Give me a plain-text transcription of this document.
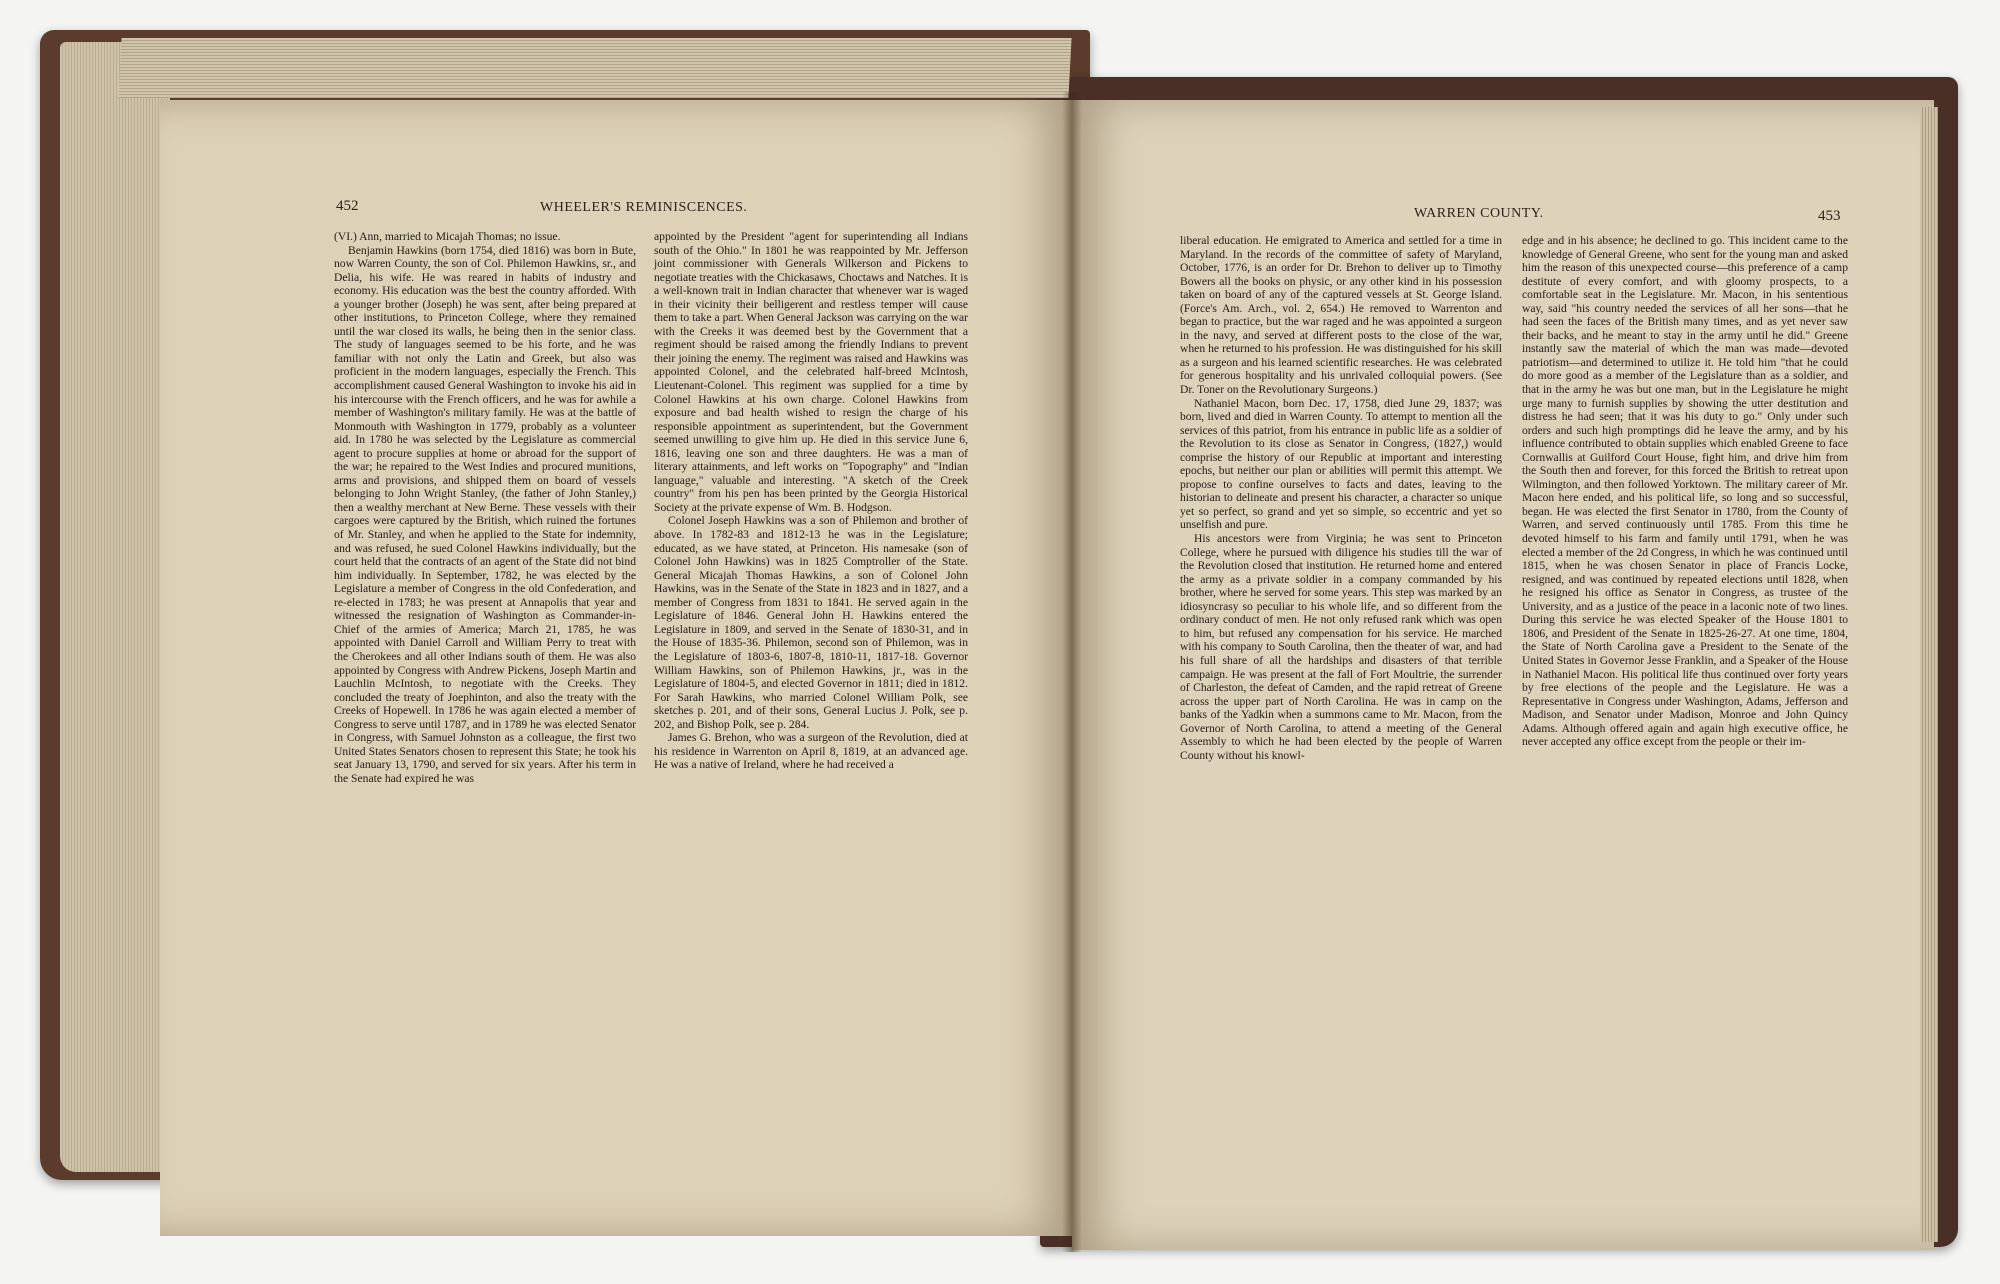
452	WHEELER'S REMINISCENCES.

(VI.) Ann, married to Micajah Thomas; no issue.

Benjamin Hawkins (born 1754, died 1816) was born in Bute, now Warren County, the son of Col. Philemon Hawkins, sr., and Delia, his wife. He was reared in habits of industry and economy. His education was the best the country afforded. With a younger brother (Joseph) he was sent, after being prepared at other institutions, to Princeton College, where they remained until the war closed its walls, he being then in the senior class. The study of languages seemed to be his forte, and he was familiar with not only the Latin and Greek, but also was proficient in the modern languages, especially the French. This accomplishment caused General Washington to invoke his aid in his intercourse with the French officers, and he was for awhile a member of Washington's military family. He was at the battle of Monmouth with Washington in 1779, probably as a volunteer aid. In 1780 he was selected by the Legislature as commercial agent to procure supplies at home or abroad for the support of the war; he repaired to the West Indies and procured munitions, arms and provisions, and shipped them on board of vessels belonging to John Wright Stanley, (the father of John Stanley,) then a wealthy merchant at New Berne. These vessels with their cargoes were captured by the British, which ruined the fortunes of Mr. Stanley, and when he applied to the State for indemnity, and was refused, he sued Colonel Hawkins individually, but the court held that the contracts of an agent of the State did not bind him individually. In September, 1782, he was elected by the Legislature a member of Congress in the old Confederation, and re-elected in 1783; he was present at Annapolis that year and witnessed the resignation of Washington as Commander-in-Chief of the armies of America; March 21, 1785, he was appointed with Daniel Carroll and William Perry to treat with the Cherokees and all other Indians south of them. He was also appointed by Congress with Andrew Pickens, Joseph Martin and Lauchlin McIntosh, to negotiate with the Creeks. They concluded the treaty of Joephinton, and also the treaty with the Creeks of Hopewell. In 1786 he was again elected a member of Congress to serve until 1787, and in 1789 he was elected Senator in Congress, with Samuel Johnston as a colleague, the first two United States Senators chosen to represent this State; he took his seat January 13, 1790, and served for six years. After his term in the Senate had expired he was

appointed by the President "agent for superintending all Indians south of the Ohio." In 1801 he was reappointed by Mr. Jefferson joint commissioner with Generals Wilkerson and Pickens to negotiate treaties with the Chickasaws, Choctaws and Natches. It is a well-known trait in Indian character that whenever war is waged in their vicinity their belligerent and restless temper will cause them to take a part. When General Jackson was carrying on the war with the Creeks it was deemed best by the Government that a regiment should be raised among the friendly Indians to prevent their joining the enemy. The regiment was raised and Hawkins was appointed Colonel, and the celebrated half-breed McIntosh, Lieutenant-Colonel. This regiment was supplied for a time by Colonel Hawkins at his own charge. Colonel Hawkins from exposure and bad health wished to resign the charge of his responsible appointment as superintendent, but the Government seemed unwilling to give him up. He died in this service June 6, 1816, leaving one son and three daughters. He was a man of literary attainments, and left works on "Topography" and "Indian language," valuable and interesting. "A sketch of the Creek country" from his pen has been printed by the Georgia Historical Society at the private expense of Wm. B. Hodgson.

Colonel Joseph Hawkins was a son of Philemon and brother of above. In 1782-83 and 1812-13 he was in the Legislature; educated, as we have stated, at Princeton. His namesake (son of Colonel John Hawkins) was in 1825 Comptroller of the State. General Micajah Thomas Hawkins, a son of Colonel John Hawkins, was in the Senate of the State in 1823 and in 1827, and a member of Congress from 1831 to 1841. He served again in the Legislature of 1846. General John H. Hawkins entered the Legislature in 1809, and served in the Senate of 1830-31, and in the House of 1835-36. Philemon, second son of Philemon, was in the Legislature of 1803-6, 1807-8, 1810-11, 1817-18. Governor William Hawkins, son of Philemon Hawkins, jr., was in the Legislature of 1804-5, and elected Governor in 1811; died in 1812. For Sarah Hawkins, who married Colonel William Polk, see sketches p. 201, and of their sons, General Lucius J. Polk, see p. 202, and Bishop Polk, see p. 284.

James G. Brehon, who was a surgeon of the Revolution, died at his residence in Warrenton on April 8, 1819, at an advanced age. He was a native of Ireland, where he had received a

WARREN COUNTY.	453

liberal education. He emigrated to America and settled for a time in Maryland. In the records of the committee of safety of Maryland, October, 1776, is an order for Dr. Brehon to deliver up to Timothy Bowers all the books on physic, or any other kind in his possession taken on board of any of the captured vessels at St. George Island. (Force's Am. Arch., vol. 2, 654.) He removed to Warrenton and began to practice, but the war raged and he was appointed a surgeon in the navy, and served at different posts to the close of the war, when he returned to his profession. He was distinguished for his skill as a surgeon and his learned scientific researches. He was celebrated for generous hospitality and his unrivaled colloquial powers. (See Dr. Toner on the Revolutionary Surgeons.)

Nathaniel Macon, born Dec. 17, 1758, died June 29, 1837; was born, lived and died in Warren County. To attempt to mention all the services of this patriot, from his entrance in public life as a soldier of the Revolution to its close as Senator in Congress, (1827,) would comprise the history of our Republic at important and interesting epochs, but neither our plan or abilities will permit this attempt. We propose to confine ourselves to facts and dates, leaving to the historian to delineate and present his character, a character so unique yet so perfect, so grand and yet so simple, so eccentric and yet so unselfish and pure.

His ancestors were from Virginia; he was sent to Princeton College, where he pursued with diligence his studies till the war of the Revolution closed that institution. He returned home and entered the army as a private soldier in a company commanded by his brother, where he served for some years. This step was marked by an idiosyncrasy so peculiar to his whole life, and so different from the ordinary conduct of men. He not only refused rank which was open to him, but refused any compensation for his service. He marched with his company to South Carolina, then the theater of war, and had his full share of all the hardships and disasters of that terrible campaign. He was present at the fall of Fort Moultrie, the surrender of Charleston, the defeat of Camden, and the rapid retreat of Greene across the upper part of North Carolina. He was in camp on the banks of the Yadkin when a summons came to Mr. Macon, from the Governor of North Carolina, to attend a meeting of the General Assembly to which he had been elected by the people of Warren County without his knowl-

edge and in his absence; he declined to go. This incident came to the knowledge of General Greene, who sent for the young man and asked him the reason of this unexpected course—this preference of a camp destitute of every comfort, and with gloomy prospects, to a comfortable seat in the Legislature. Mr. Macon, in his sententious way, said "his country needed the services of all her sons—that he had seen the faces of the British many times, and as yet never saw their backs, and he meant to stay in the army until he did." Greene instantly saw the material of which the man was made—devoted patriotism—and determined to utilize it. He told him "that he could do more good as a member of the Legislature than as a soldier, and that in the army he was but one man, but in the Legislature he might urge many to furnish supplies by showing the utter destitution and distress he had seen; that it was his duty to go." Only under such orders and such high promptings did he leave the army, and by his influence contributed to obtain supplies which enabled Greene to face Cornwallis at Guilford Court House, fight him, and drive him from the South then and forever, for this forced the British to retreat upon Wilmington, and then followed Yorktown. The military career of Mr. Macon here ended, and his political life, so long and so successful, began. He was elected the first Senator in 1780, from the County of Warren, and served continuously until 1785. From this time he devoted himself to his farm and family until 1791, when he was elected a member of the 2d Congress, in which he was continued until 1815, when he was chosen Senator in place of Francis Locke, resigned, and was continued by repeated elections until 1828, when he resigned his office as Senator in Congress, as trustee of the University, and as a justice of the peace in a laconic note of two lines. During this service he was elected Speaker of the House 1801 to 1806, and President of the Senate in 1825-26-27. At one time, 1804, the State of North Carolina gave a President to the Senate of the United States in Governor Jesse Franklin, and a Speaker of the House in Nathaniel Macon. His political life thus continued over forty years by free elections of the people and the Legislature. He was a Representative in Congress under Washington, Adams, Jefferson and Madison, and Senator under Madison, Monroe and John Quincy Adams. Although offered again and again high executive office, he never accepted any office except from the people or their im-
